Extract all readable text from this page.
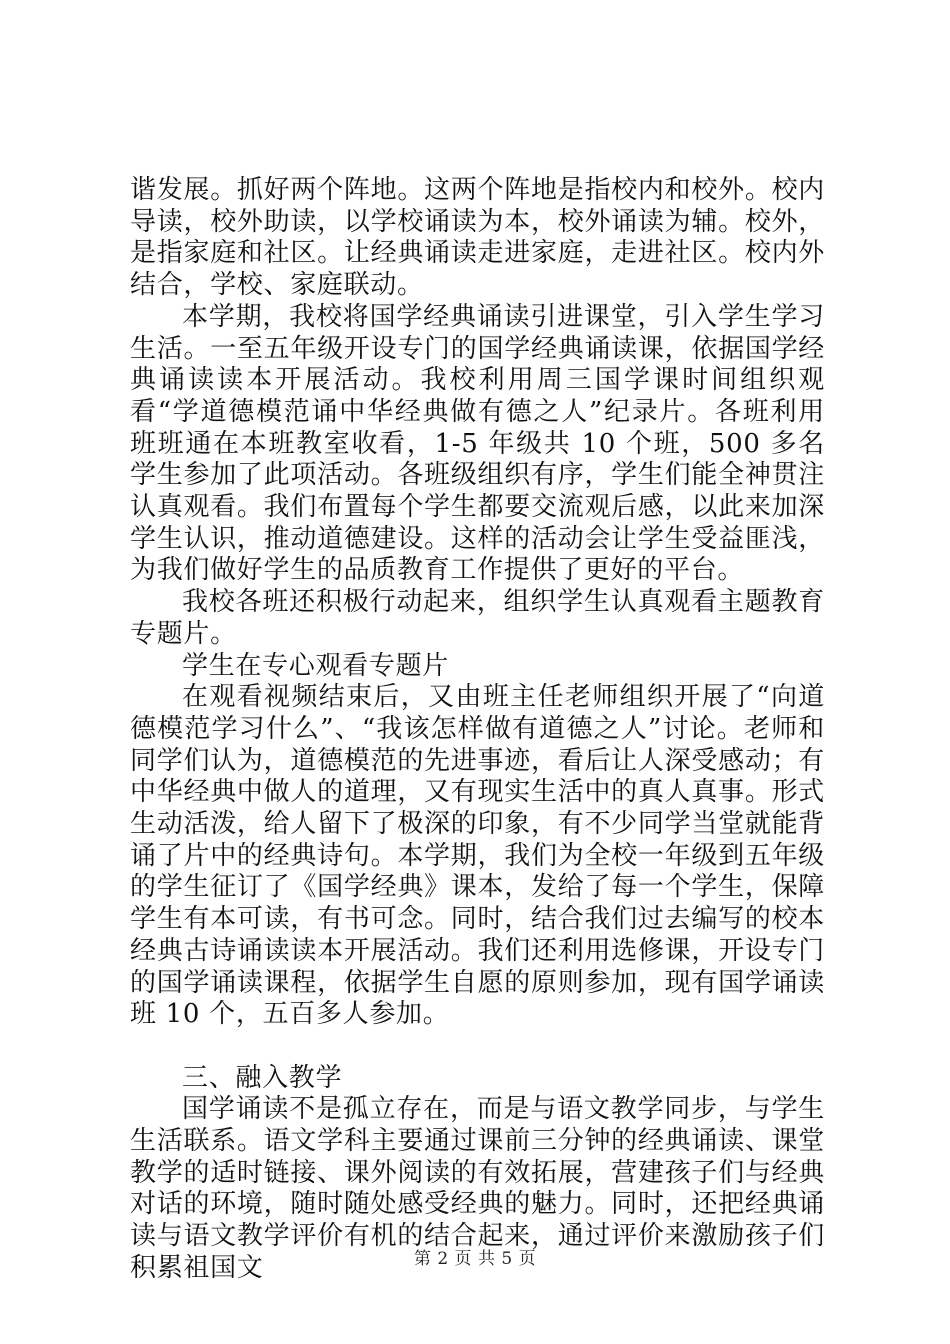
谐发展。抓好两个阵地。这两个阵地是指校内和校外。校内导读，校外助读，以学校诵读为本，校外诵读为辅。校外，是指家庭和社区。让经典诵读走进家庭，走进社区。校内外结合，学校、家庭联动。

本学期，我校将国学经典诵读引进课堂，引入学生学习生活。一至五年级开设专门的国学经典诵读课，依据国学经典诵读读本开展活动。我校利用周三国学课时间组织观看“学道德模范诵中华经典做有德之人”纪录片。各班利用班班通在本班教室收看，1-5 年级共 10 个班，500 多名学生参加了此项活动。各班级组织有序，学生们能全神贯注认真观看。我们布置每个学生都要交流观后感，以此来加深学生认识，推动道德建设。这样的活动会让学生受益匪浅，为我们做好学生的品质教育工作提供了更好的平台。

我校各班还积极行动起来，组织学生认真观看主题教育专题片。

学生在专心观看专题片

在观看视频结束后，又由班主任老师组织开展了“向道德模范学习什么”、“我该怎样做有道德之人”讨论。老师和同学们认为，道德模范的先进事迹，看后让人深受感动；有中华经典中做人的道理，又有现实生活中的真人真事。形式生动活泼，给人留下了极深的印象，有不少同学当堂就能背诵了片中的经典诗句。本学期，我们为全校一年级到五年级的学生征订了《国学经典》课本，发给了每一个学生，保障学生有本可读，有书可念。同时，结合我们过去编写的校本经典古诗诵读读本开展活动。我们还利用选修课，开设专门的国学诵读课程，依据学生自愿的原则参加，现有国学诵读班 10 个，五百多人参加。

三、融入教学

国学诵读不是孤立存在，而是与语文教学同步，与学生生活联系。语文学科主要通过课前三分钟的经典诵读、课堂教学的适时链接、课外阅读的有效拓展，营建孩子们与经典对话的环境，随时随处感受经典的魅力。同时，还把经典诵读与语文教学评价有机的结合起来，通过评价来激励孩子们积累祖国文	第 2 页 共 5 页
